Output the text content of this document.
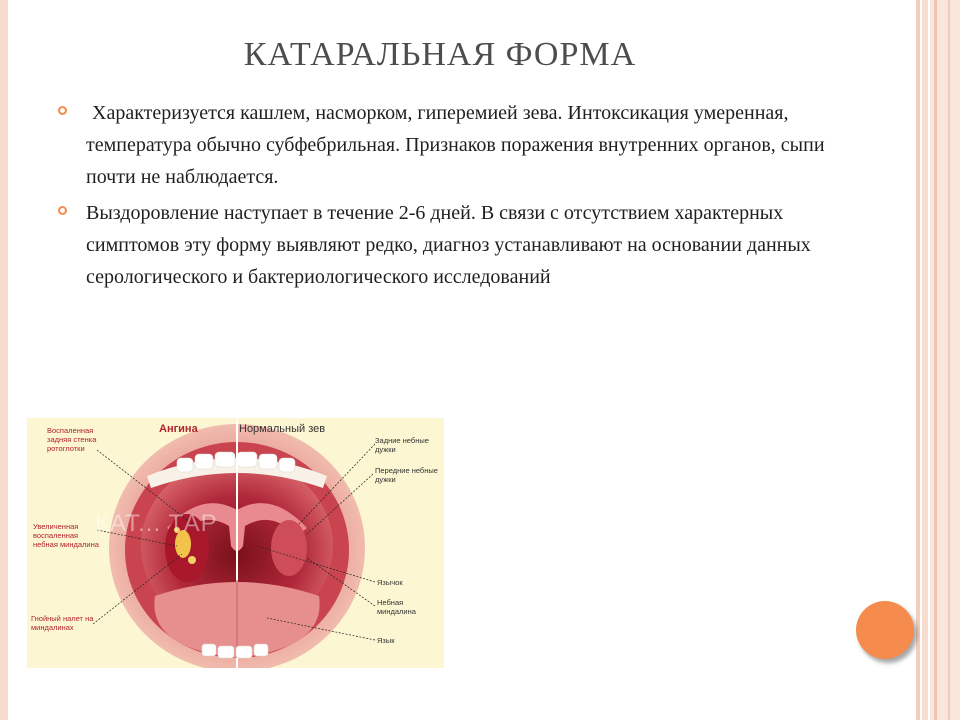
КАТАРАЛЬНАЯ ФОРМА
Характеризуется кашлем, насморком, гиперемией зева. Интоксикация умеренная, температура обычно субфебрильная. Признаков поражения внутренних органов, сыпи почти не наблюдается.
Выздоровление наступает в течение 2-6 дней. В связи с отсутствием характерных симптомов эту форму выявляют редко, диагноз устанавливают на основании данных серологического и бактериологического исследований
Ангина	Нормальный зев
Воспаленная задняя стенка ротоглотки
Увеличенная воспаленная небная миндалина
Гнойный налет на миндалинах
Задние небные дужки
Передние небные дужки
Язычок
Небная миндалина
Язык
КАТ... ТАР
